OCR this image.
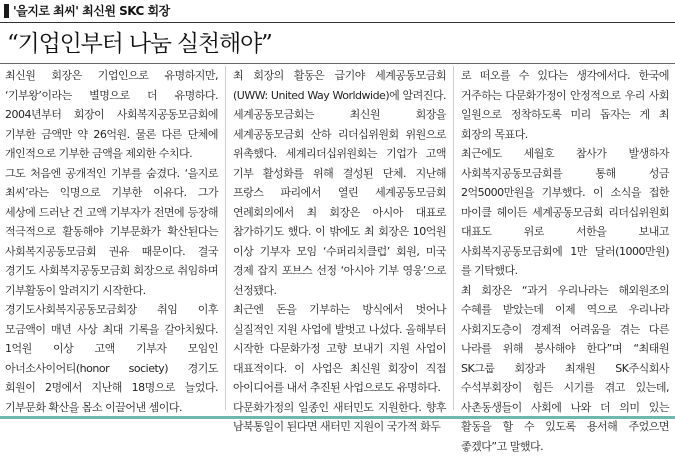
'을지로 최씨' 최신원 SKC 회장
“기업인부터 나눔 실천해야”

최신원 회장은 기업인으로 유명하지만, ‘기부왕’이라는 별명으로 더 유명하다. 2004년부터 회장이 사회복지공동모금회에 기부한 금액만 약 26억원. 물론 다른 단체에 개인적으로 기부한 금액을 제외한 수치다.

그도 처음엔 공개적인 기부를 숨겼다. ‘을지로 최씨’라는 익명으로 기부한 이유다. 그가 세상에 드러난 건 고액 기부자가 전면에 등장해 적극적으로 활동해야 기부문화가 확산된다는 사회복지공동모금회 권유 때문이다. 결국 경기도 사회복지공동모금회 회장으로 취임하며 기부활동이 알려지기 시작한다.

경기도사회복지공동모금회장 취임 이후 모금액이 매년 사상 최대 기록을 갈아치웠다. 1억원 이상 고액 기부자 모임인 아너소사이어티(honor society) 경기도 회원이 2명에서 지난해 18명으로 늘었다. 기부문화 확산을 몸소 이끌어낸 셈이다.

최 회장의 활동은 급기야 세계공동모금회(UWW: United Way Worldwide)에 알려진다. 세계공동모금회는 최신원 회장을 세계공동모금회 산하 리더십위원회 위원으로 위촉했다. 세계리더십위원회는 기업가 고액 기부 활성화를 위해 결성된 단체. 지난해 프랑스 파리에서 열린 세계공동모금회 연례회의에서 최 회장은 아시아 대표로 참가하기도 했다. 이 밖에도 최 회장은 10억원 이상 기부자 모임 ‘수퍼리치클럽’ 회원, 미국 경제 잡지 포브스 선정 ‘아시아 기부 영웅’으로 선정됐다.

최근엔 돈을 기부하는 방식에서 벗어나 실질적인 지원 사업에 발벗고 나섰다. 올해부터 시작한 다문화가정 고향 보내기 지원 사업이 대표적이다. 이 사업은 최신원 회장이 직접 아이디어를 내서 추진된 사업으로도 유명하다.

다문화가정의 일종인 새터민도 지원한다. 향후 남북통일이 된다면 새터민 지원이 국가적 화두

로 떠오를 수 있다는 생각에서다. 한국에 거주하는 다문화가정이 안정적으로 우리 사회 일원으로 정착하도록 미리 돕자는 게 최 회장의 목표다.

최근에도 세월호 참사가 발생하자 사회복지공동모금회를 통해 성금 2억5000만원을 기부했다. 이 소식을 접한 마이클 헤이든 세계공동모금회 리더십위원회 대표도 위로 서한을 보내고 사회복지공동모금회에 1만 달러(1000만원)를 기탁했다.

최 회장은 “과거 우리나라는 해외원조의 수혜를 받았는데 이제 역으로 우리나라 사회지도층이 경제적 어려움을 겪는 다른 나라를 위해 봉사해야 한다”며 “최태원 SK그룹 회장과 최재원 SK주식회사 수석부회장이 힘든 시기를 겪고 있는데, 사촌동생들이 사회에 나와 더 의미 있는 활동을 할 수 있도록 용서해 주었으면 좋겠다”고 말했다.
